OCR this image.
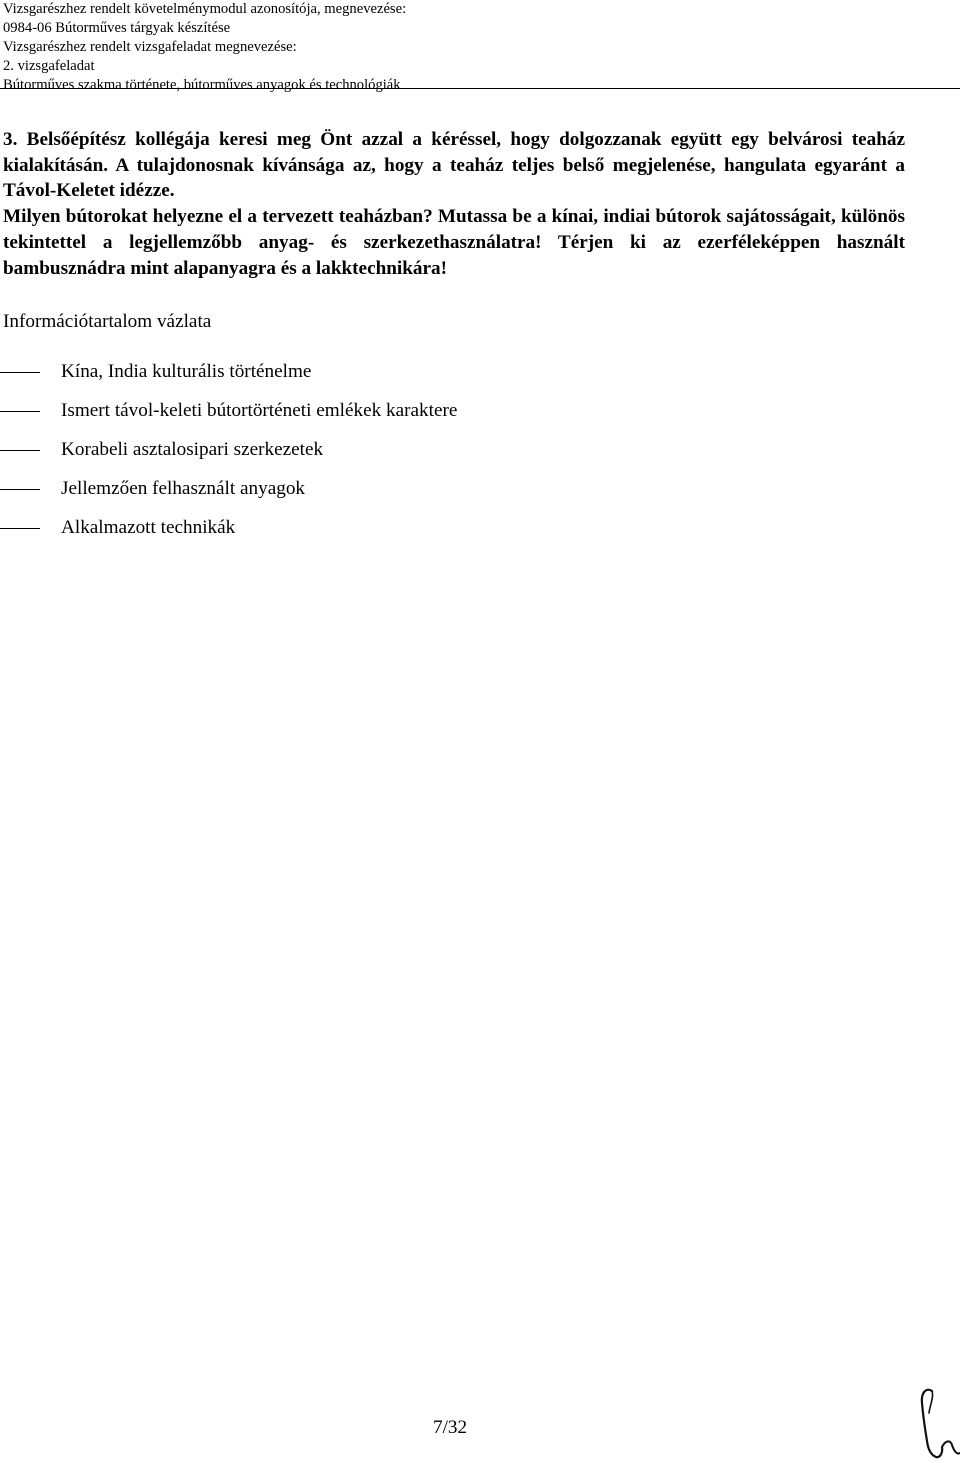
Vizsgarészhez rendelt követelménymodul azonosítója, megnevezése:
0984-06 Bútorműves tárgyak készítése
Vizsgarészhez rendelt vizsgafeladat megnevezése:
2. vizsgafeladat
Bútorműves szakma története, bútorműves anyagok és technológiák

3. Belsőépítész kollégája keresi meg Önt azzal a kéréssel, hogy dolgozzanak együtt egy belvárosi teaház kialakításán. A tulajdonosnak kívánsága az, hogy a teaház teljes belső megjelenése, hangulata egyaránt a Távol-Keletet idézze.

Milyen bútorokat helyezne el a tervezett teaházban? Mutassa be a kínai, indiai bútorok sajátosságait, különös tekintettel a legjellemzőbb anyag- és szerkezethasználatra! Térjen ki az ezerféleképpen használt bambusznádra mint alapanyagra és a lakktechnikára!

Információtartalom vázlata
Kína, India kulturális történelme
Ismert távol-keleti bútortörténeti emlékek karaktere
Korabeli asztalosipari szerkezetek
Jellemzően felhasznált anyagok
Alkalmazott technikák
7/32
